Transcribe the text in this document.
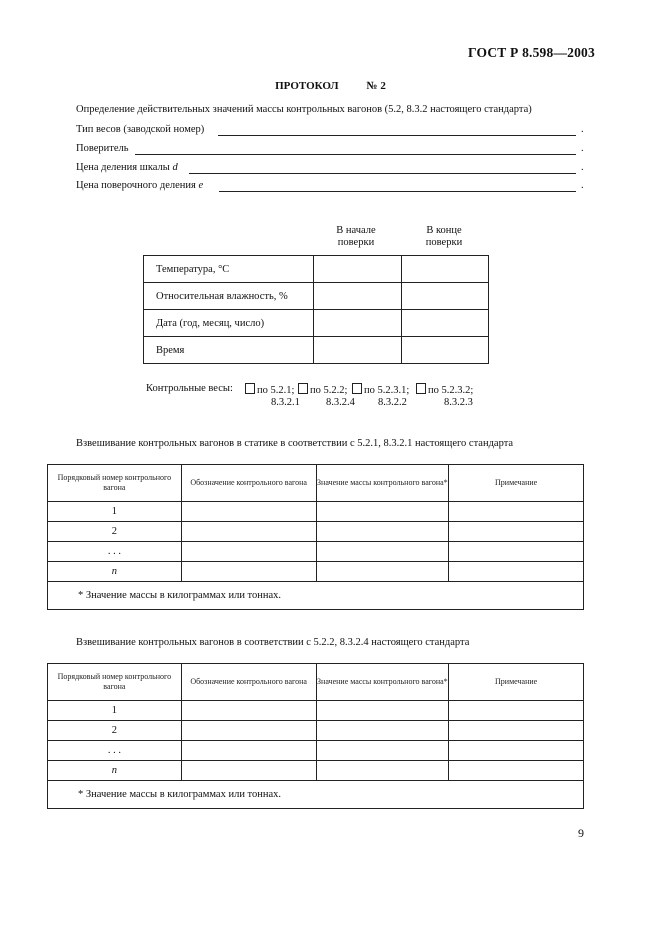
ГОСТ Р 8.598—2003
ПРОТОКОЛ	№ 2
Определение действительных значений массы контрольных вагонов (5.2, 8.3.2 настоящего стандарта)
Тип весов (заводской номер)	.
Поверитель	.
Цена деления шкалы d	.
Цена поверочного деления e	.
В начале поверки
В конце поверки
Температура, °С		
Относительная влажность, %		
Дата (год, месяц, число)		
Время		
Контрольные весы:	по 5.2.1;
8.3.2.1
по 5.2.2;
8.3.2.4
по 5.2.3.1;
8.3.2.2
по 5.2.3.2;
8.3.2.3
Взвешивание контрольных вагонов в статике в соответствии с 5.2.1, 8.3.2.1 настоящего стандарта
Порядковый номер контрольного вагона	Обозначение контрольного вагона	Значение массы контрольного вагона*	Примечание
1			
2			
. . .			
n			
* Значение массы в килограммах или тоннах.			
Взвешивание контрольных вагонов в соответствии с 5.2.2, 8.3.2.4 настоящего стандарта
Порядковый номер контрольного вагона	Обозначение контрольного вагона	Значение массы контрольного вагона*	Примечание
1			
2			
. . .			
n			
* Значение массы в килограммах или тоннах.			
9
